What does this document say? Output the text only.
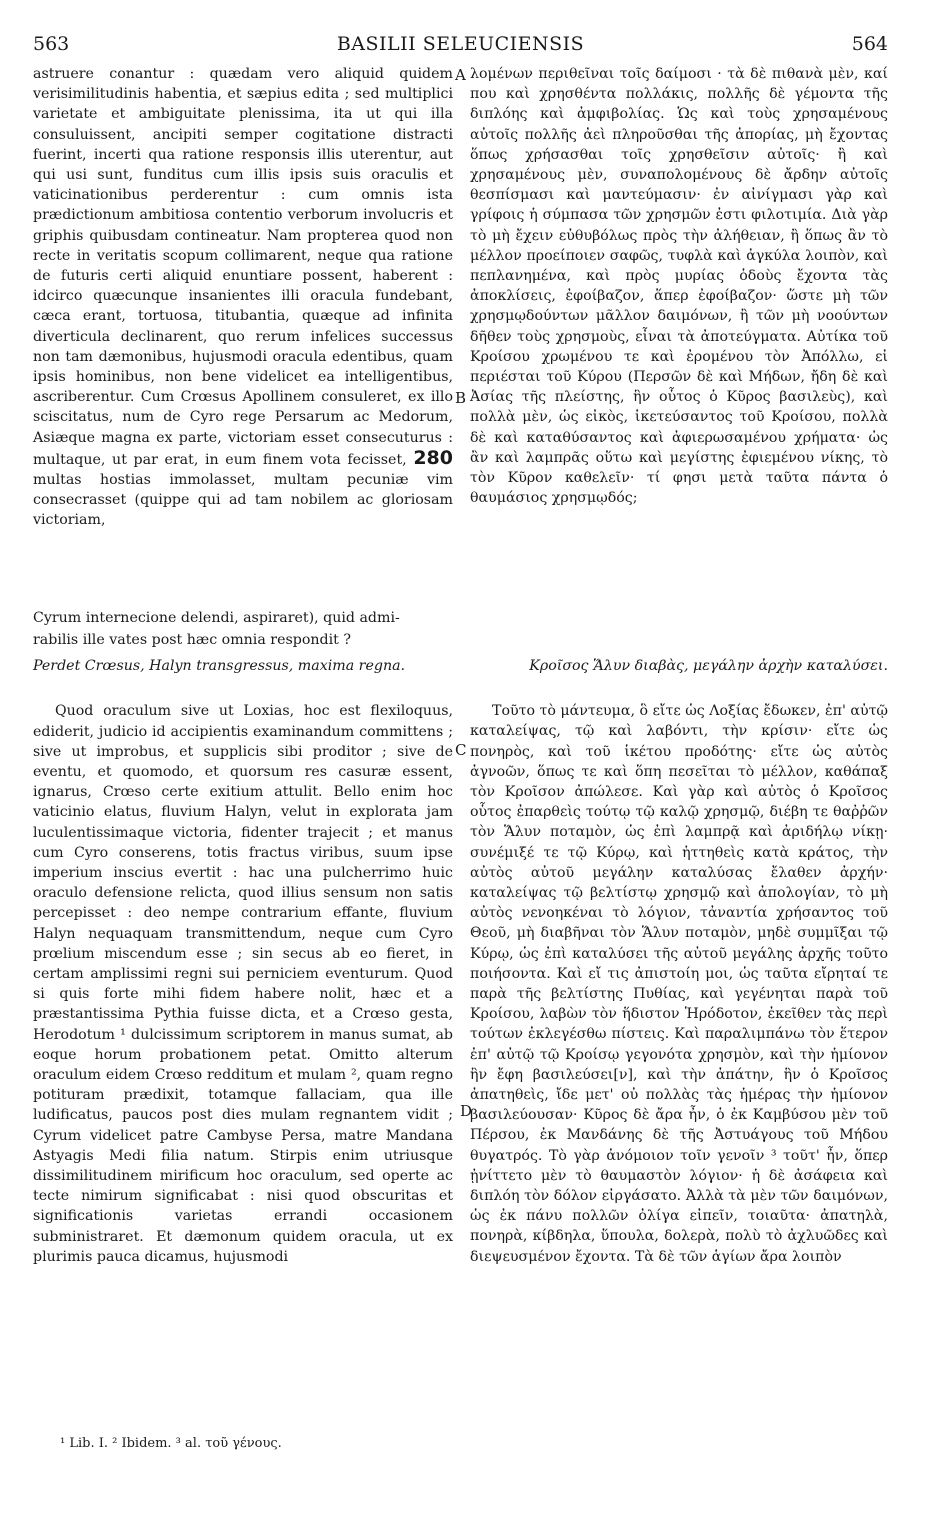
563	BASILII SELEUCIENSIS	564
A
B
C
D

astruere conantur : quædam vero aliquid quidem verisimilitudinis habentia, et sæpius edita ; sed multiplici varietate et ambiguitate plenissima, ita ut qui illa consuluissent, ancipiti semper cogitatione distracti fuerint, incerti qua ratione responsis illis uterentur, aut qui usi sunt, funditus cum illis ipsis suis oraculis et vaticinationibus perderentur : cum omnis ista prædictionum ambitiosa contentio verborum involucris et griphis quibusdam contineatur. Nam propterea quod non recte in veritatis scopum collimarent, neque qua ratione de futuris certi aliquid enuntiare possent, haberent : idcirco quæcunque insanientes illi oracula fundebant, cæca erant, tortuosa, titubantia, quæque ad infinita diverticula declinarent, quo rerum infelices successus non tam dæmonibus, hujusmodi oracula edentibus, quam ipsis hominibus, non bene videlicet ea intelligentibus, ascriberentur. Cum Crœsus Apollinem consuleret, ex illo sciscitatus, num de Cyro rege Persarum ac Medorum, Asiæque magna ex parte, victoriam esset consecuturus : multaque, ut par erat, in eum finem vota fecisset, 280 multas hostias immolasset, multam pecuniæ vim consecrasset (quippe qui ad tam nobilem ac gloriosam victoriam,

λομένων περιθεῖναι τοῖς δαίμοσι · τὰ δὲ πιθανὰ μὲν, καί που καὶ χρησθέντα πολλάκις, πολλῆς δὲ γέμοντα τῆς διπλόης καὶ ἀμφιβολίας. Ὡς καὶ τοὺς χρησαμένους αὐτοῖς πολλῆς ἀεὶ πληροῦσθαι τῆς ἀπορίας, μὴ ἔχοντας ὅπως χρήσασθαι τοῖς χρησθεῖσιν αὐτοῖς· ἢ καὶ χρησαμένους μὲν, συναπολομένους δὲ ἄρδην αὐτοῖς θεσπίσμασι καὶ μαντεύμασιν· ἐν αἰνίγμασι γὰρ καὶ γρίφοις ἡ σύμπασα τῶν χρησμῶν ἐστι φιλοτιμία. Διὰ γὰρ τὸ μὴ ἔχειν εὐθυβόλως πρὸς τὴν ἀλήθειαν, ἢ ὅπως ἂν τὸ μέλλον προείποιεν σαφῶς, τυφλὰ καὶ ἀγκύλα λοιπὸν, καὶ πεπλανημένα, καὶ πρὸς μυρίας ὁδοὺς ἔχοντα τὰς ἀποκλίσεις, ἐφοίβαζον, ἅπερ ἐφοίβαζον· ὥστε μὴ τῶν χρησμῳδούντων μᾶλλον δαιμόνων, ἢ τῶν μὴ νοούντων δῆθεν τοὺς χρησμοὺς, εἶναι τὰ ἀποτεύγματα. Αὐτίκα τοῦ Κροίσου χρωμένου τε καὶ ἐρομένου τὸν Ἀπόλλω, εἰ περιέσται τοῦ Κύρου (Περσῶν δὲ καὶ Μήδων, ἤδη δὲ καὶ Ἀσίας τῆς πλείστης, ἣν οὗτος ὁ Κῦρος βασιλεὺς), καὶ πολλὰ μὲν, ὡς εἰκὸς, ἱκετεύσαντος τοῦ Κροίσου, πολλὰ δὲ καὶ καταθύσαντος καὶ ἀφιερωσαμένου χρήματα· ὡς ἂν καὶ λαμπρᾶς οὕτω καὶ μεγίστης ἐφιεμένου νίκης, τὸ τὸν Κῦρον καθελεῖν· τί φησι μετὰ ταῦτα πάντα ὁ θαυμάσιος χρησμῳδός;

Cyrum internecione delendi, aspiraret), quid admi-

rabilis ille vates post hæc omnia respondit ?

Perdet Crœsus, Halyn transgressus, maxima regna.

Quod oraculum sive ut Loxias, hoc est flexiloquus, ediderit, judicio id accipientis examinandum committens ; sive ut improbus, et supplicis sibi proditor ; sive de eventu, et quomodo, et quorsum res casuræ essent, ignarus, Crœso certe exitium attulit. Bello enim hoc vaticinio elatus, fluvium Halyn, velut in explorata jam luculentissimaque victoria, fidenter trajecit ; et manus cum Cyro conserens, totis fractus viribus, suum ipse imperium inscius evertit : hac una pulcherrimo huic oraculo defensione relicta, quod illius sensum non satis percepisset : deo nempe contrarium effante, fluvium Halyn nequaquam transmittendum, neque cum Cyro prœlium miscendum esse ; sin secus ab eo fieret, in certam amplissimi regni sui perniciem eventurum. Quod si quis forte mihi fidem habere nolit, hæc et a præstantissima Pythia fuisse dicta, et a Crœso gesta, Herodotum ¹ dulcissimum scriptorem in manus sumat, ab eoque horum probationem petat. Omitto alterum oraculum eidem Crœso redditum et mulam ², quam regno potituram prædixit, totamque fallaciam, qua ille ludificatus, paucos post dies mulam regnantem vidit ; Cyrum videlicet patre Cambyse Persa, matre Mandana Astyagis Medi filia natum. Stirpis enim utriusque dissimilitudinem mirificum hoc oraculum, sed operte ac tecte nimirum significabat : nisi quod obscuritas et significationis varietas errandi occasionem subministraret. Et dæmonum quidem oracula, ut ex plurimis pauca dicamus, hujusmodi

Κροῖσος Ἅλυν διαβὰς, μεγάλην ἀρχὴν καταλύσει.

Τοῦτο τὸ μάντευμα, ὃ εἴτε ὡς Λοξίας ἔδωκεν, ἐπ' αὐτῷ καταλείψας, τῷ καὶ λαβόντι, τὴν κρίσιν· εἴτε ὡς πονηρὸς, καὶ τοῦ ἱκέτου προδότης· εἴτε ὡς αὐτὸς ἀγνοῶν, ὅπως τε καὶ ὅπη πεσεῖται τὸ μέλλον, καθάπαξ τὸν Κροῖσον ἀπώλεσε. Καὶ γὰρ καὶ αὐτὸς ὁ Κροῖσος οὗτος ἐπαρθεὶς τούτῳ τῷ καλῷ χρησμῷ, διέβη τε θαῤῥῶν τὸν Ἅλυν ποταμὸν, ὡς ἐπὶ λαμπρᾷ καὶ ἀριδήλῳ νίκῃ· συνέμιξέ τε τῷ Κύρῳ, καὶ ἡττηθεὶς κατὰ κράτος, τὴν αὐτὸς αὐτοῦ μεγάλην καταλύσας ἔλαθεν ἀρχήν· καταλείψας τῷ βελτίστῳ χρησμῷ καὶ ἀπολογίαν, τὸ μὴ αὐτὸς νενοηκέναι τὸ λόγιον, τἀναντία χρήσαντος τοῦ Θεοῦ, μὴ διαβῆναι τὸν Ἅλυν ποταμὸν, μηδὲ συμμῖξαι τῷ Κύρῳ, ὡς ἐπὶ καταλύσει τῆς αὐτοῦ μεγάλης ἀρχῆς τοῦτο ποιήσοντα. Καὶ εἴ τις ἀπιστοίη μοι, ὡς ταῦτα εἴρηταί τε παρὰ τῆς βελτίστης Πυθίας, καὶ γεγένηται παρὰ τοῦ Κροίσου, λαβὼν τὸν ἥδιστον Ἡρόδοτον, ἐκεῖθεν τὰς περὶ τούτων ἐκλεγέσθω πίστεις. Καὶ παραλιμπάνω τὸν ἕτερον ἐπ' αὐτῷ τῷ Κροίσῳ γεγονότα χρησμὸν, καὶ τὴν ἡμίονον ἣν ἔφη βασιλεύσει[ν], καὶ τὴν ἀπάτην, ἣν ὁ Κροῖσος ἀπατηθεὶς, ἴδε μετ' οὐ πολλὰς τὰς ἡμέρας τὴν ἡμίονον βασιλεύουσαν· Κῦρος δὲ ἄρα ἦν, ὁ ἐκ Καμβύσου μὲν τοῦ Πέρσου, ἐκ Μανδάνης δὲ τῆς Ἀστυάγους τοῦ Μήδου θυγατρός. Τὸ γὰρ ἀνόμοιον τοῖν γενοῖν ³ τοῦτ' ἦν, ὅπερ ᾐνίττετο μὲν τὸ θαυμαστὸν λόγιον· ἡ δὲ ἀσάφεια καὶ διπλόη τὸν δόλον εἰργάσατο. Ἀλλὰ τὰ μὲν τῶν δαιμόνων, ὡς ἐκ πάνυ πολλῶν ὀλίγα εἰπεῖν, τοιαῦτα· ἀπατηλὰ, πονηρὰ, κίβδηλα, ὕπουλα, δολερὰ, πολὺ τὸ ἀχλυῶδες καὶ διεψευσμένον ἔχοντα. Τὰ δὲ τῶν ἁγίων ἄρα λοιπὸν

¹ Lib. I. ² Ibidem. ³ al. τοῦ γένους.
